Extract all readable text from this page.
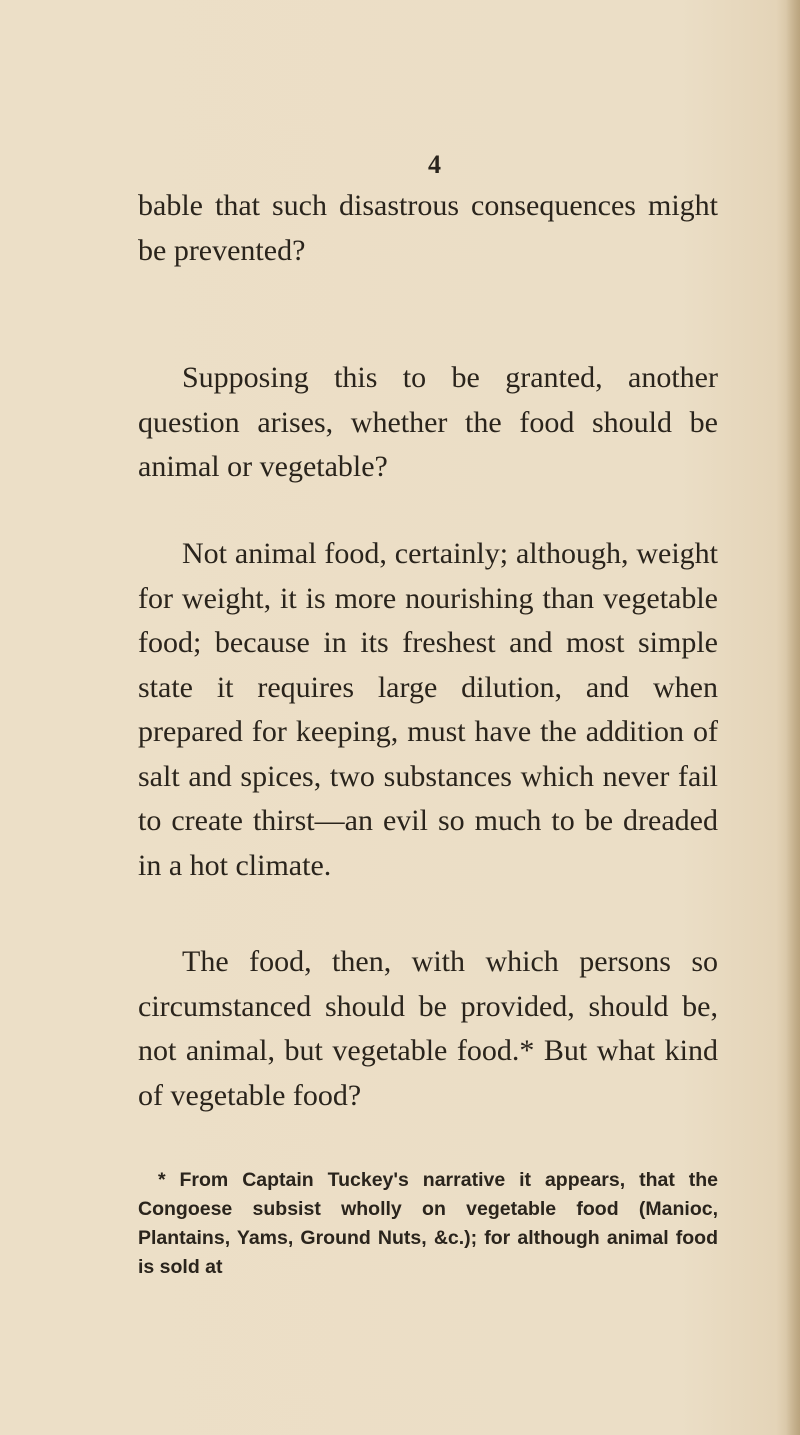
4

bable that such disastrous consequences might be prevented?

Supposing this to be granted, another question arises, whether the food should be animal or vegetable?

Not animal food, certainly; although, weight for weight, it is more nourishing than vegetable food; because in its freshest and most simple state it requires large dilution, and when prepared for keeping, must have the addition of salt and spices, two substances which never fail to create thirst—an evil so much to be dreaded in a hot climate.

The food, then, with which persons so circumstanced should be provided, should be, not animal, but vegetable food.* But what kind of vegetable food?

* From Captain Tuckey's narrative it appears, that the Congoese subsist wholly on vegetable food (Manioc, Plantains, Yams, Ground Nuts, &c.); for although animal food is sold at
